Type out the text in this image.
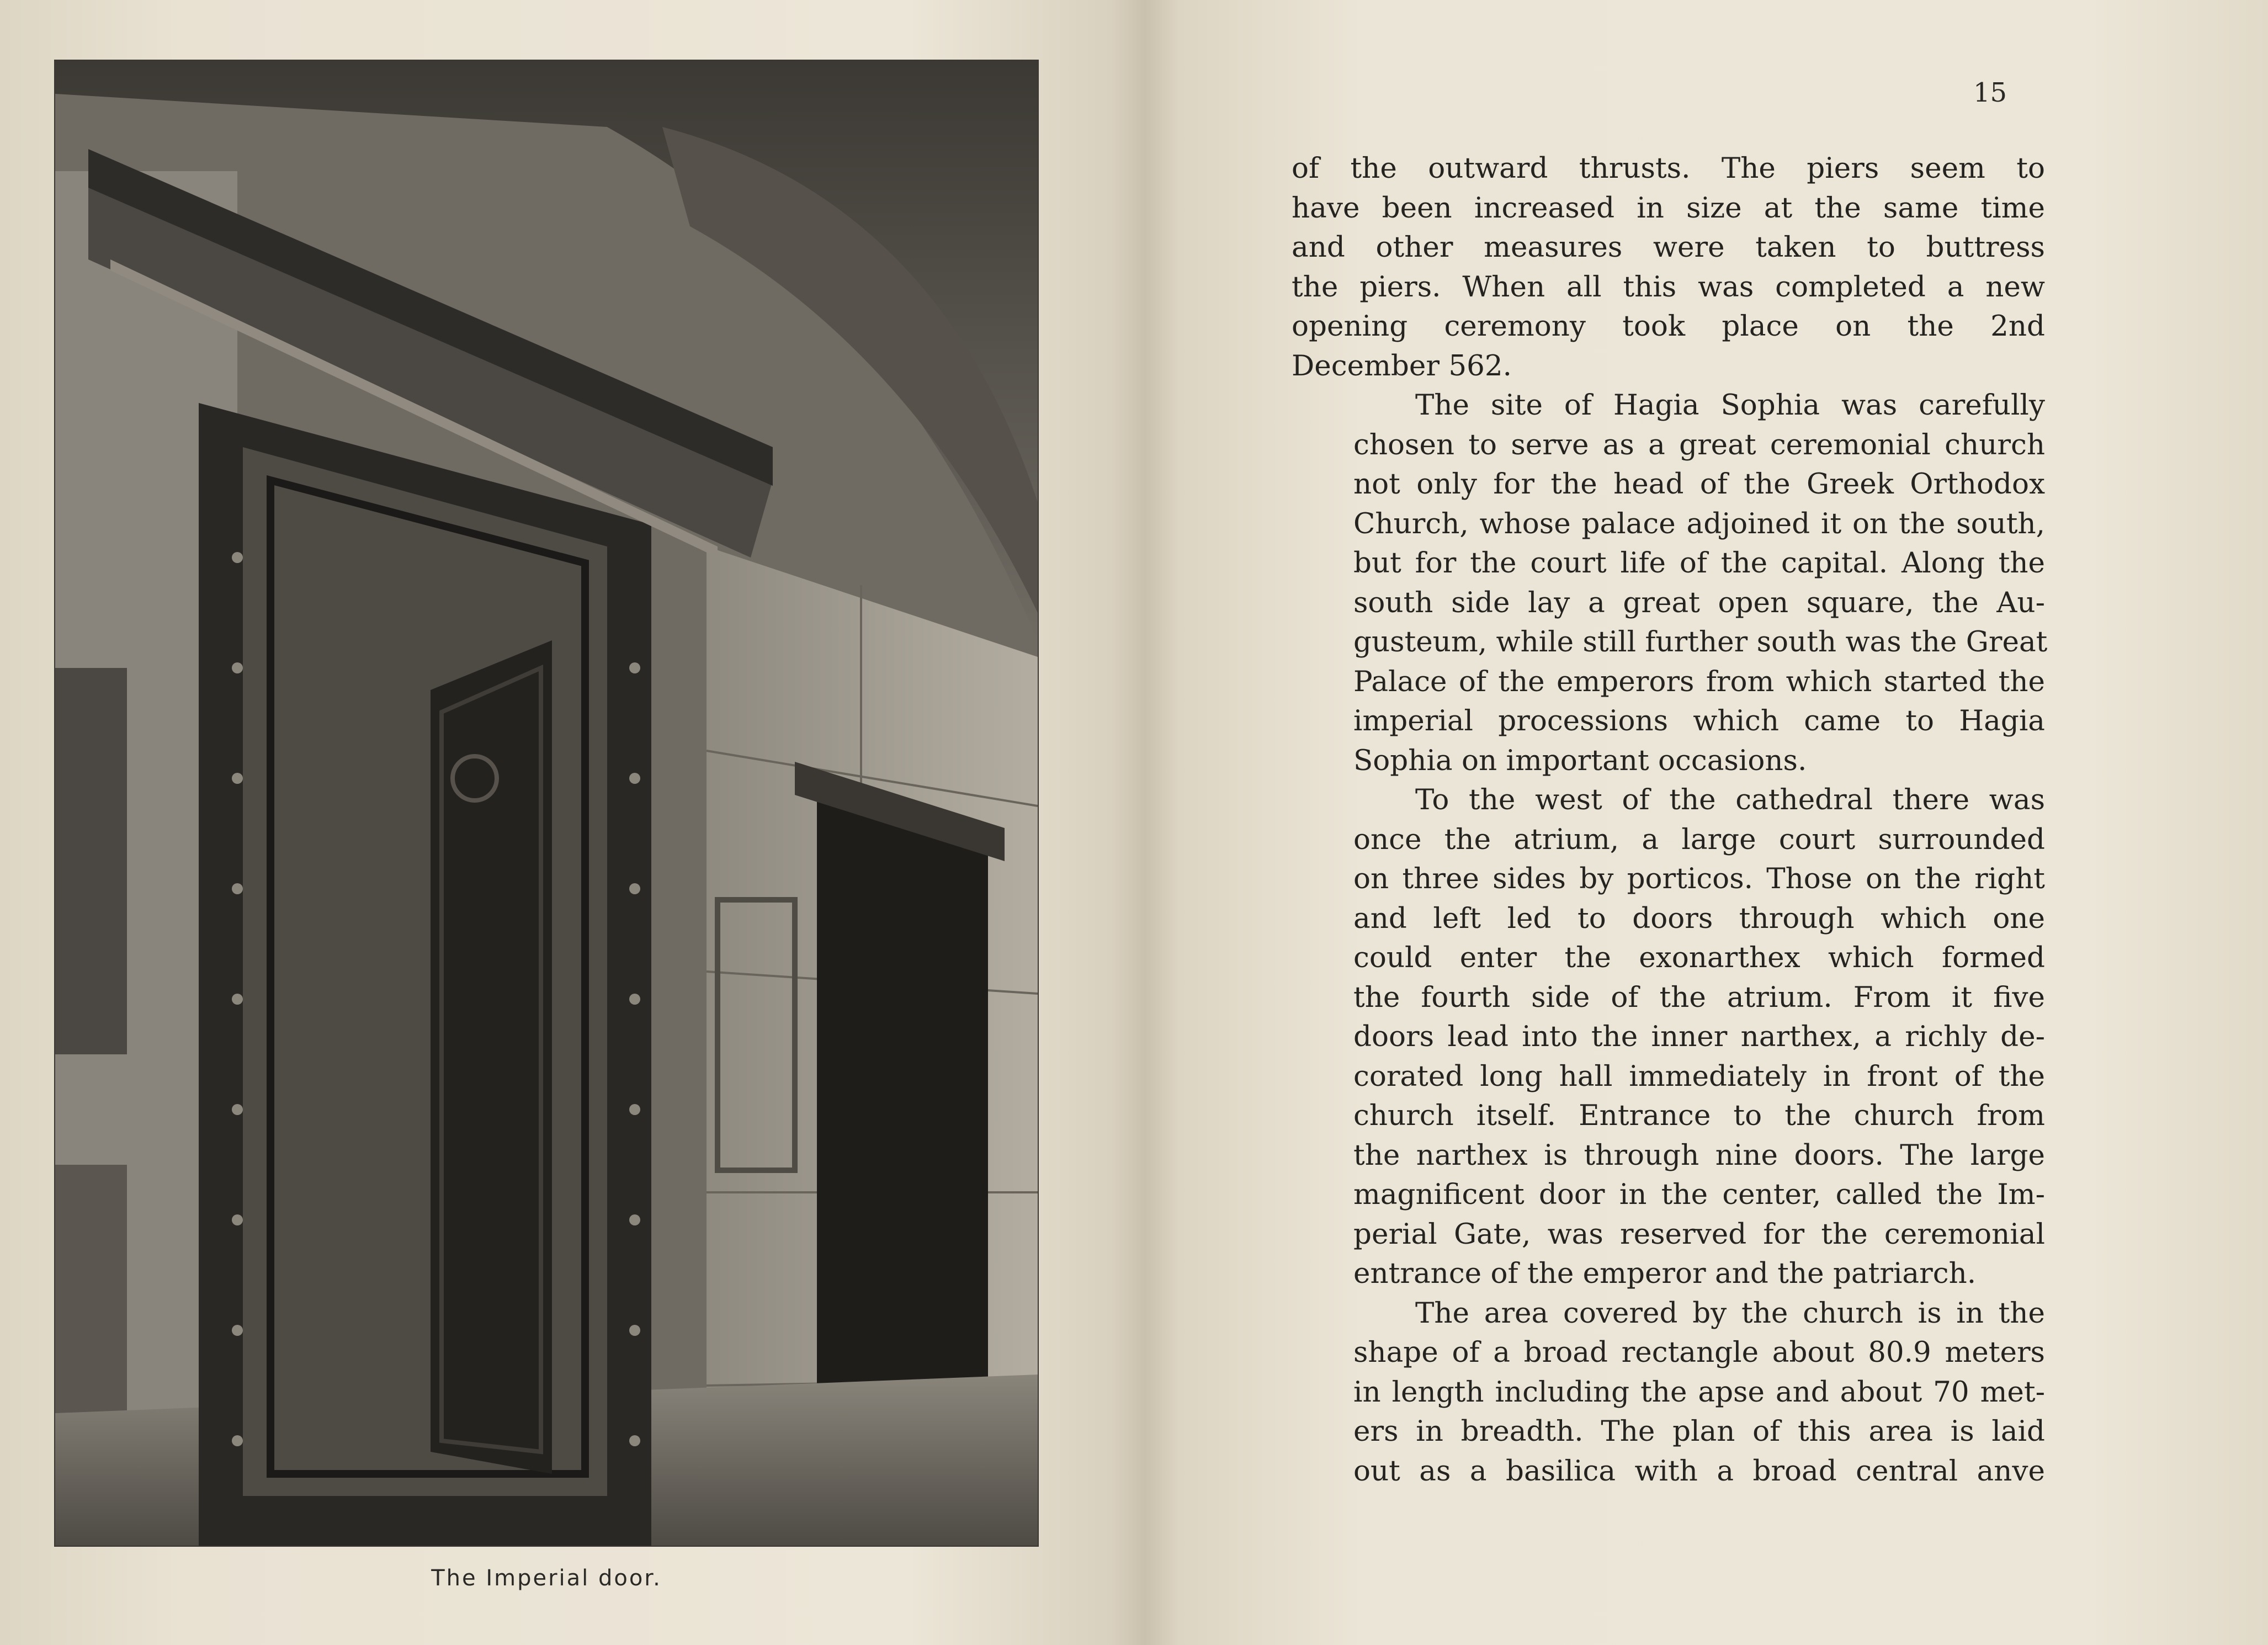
The Imperial door.
15

of the outward thrusts. The piers seem to
have been increased in size at the same time
and other measures were taken to buttress
the piers. When all this was completed a new
opening ceremony took place on the 2nd
December 562.

The site of Hagia Sophia was carefully
chosen to serve as a great ceremonial church
not only for the head of the Greek Orthodox
Church, whose palace adjoined it on the south,
but for the court life of the capital. Along the
south side lay a great open square, the Au-
gusteum, while still further south was the Great
Palace of the emperors from which started the
imperial processions which came to Hagia
Sophia on important occasions.

To the west of the cathedral there was
once the atrium, a large court surrounded
on three sides by porticos. Those on the right
and left led to doors through which one
could enter the exonarthex which formed
the fourth side of the atrium. From it five
doors lead into the inner narthex, a richly de-
corated long hall immediately in front of the
church itself. Entrance to the church from
the narthex is through nine doors. The large
magnificent door in the center, called the Im-
perial Gate, was reserved for the ceremonial
entrance of the emperor and the patriarch.

The area covered by the church is in the
shape of a broad rectangle about 80.9 meters
in length including the apse and about 70 met-
ers in breadth. The plan of this area is laid
out as a basilica with a broad central anve
